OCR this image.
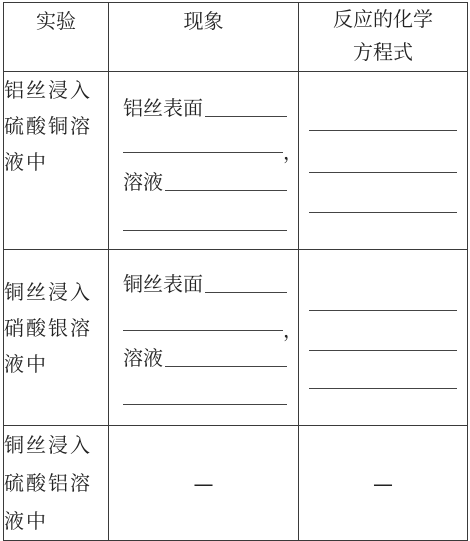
实验	现象	反应的化学
方程式

铝丝浸入
硫酸铜溶
液中	铝丝表面
，
溶液	

铜丝浸入
硝酸银溶
液中	铜丝表面
，
溶液	

铜丝浸入
硫酸铝溶
液中	—	—
